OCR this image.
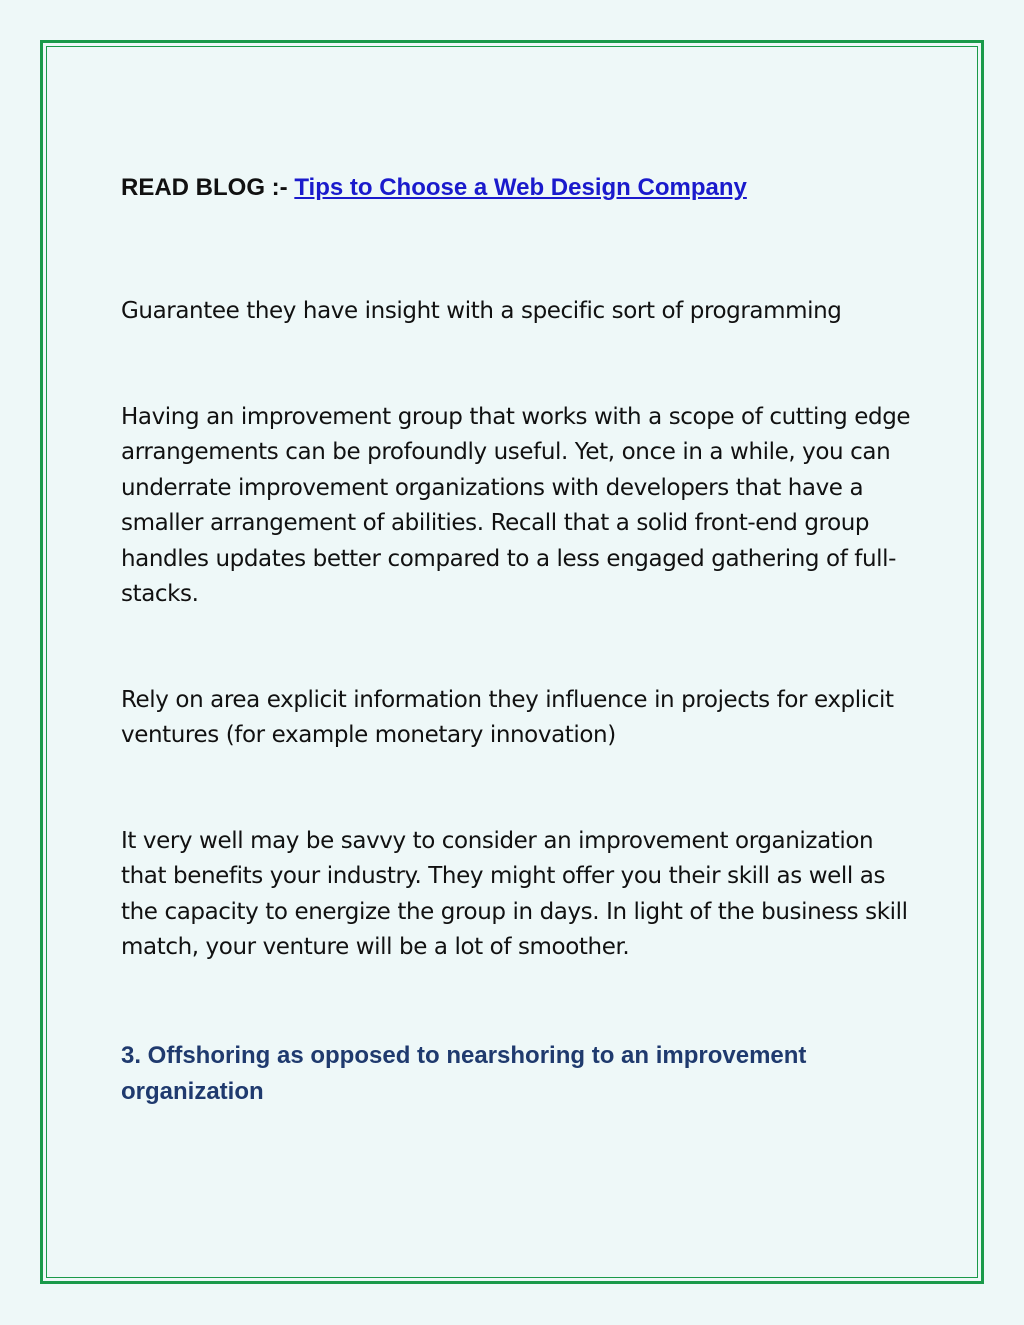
READ BLOG :- Tips to Choose a Web Design Company

Guarantee they have insight with a specific sort of programming

Having an improvement group that works with a scope of cutting edge arrangements can be profoundly useful. Yet, once in a while, you can underrate improvement organizations with developers that have a smaller arrangement of abilities. Recall that a solid front-end group handles updates better compared to a less engaged gathering of full-stacks.

Rely on area explicit information they influence in projects for explicit ventures (for example monetary innovation)

It very well may be savvy to consider an improvement organization that benefits your industry. They might offer you their skill as well as the capacity to energize the group in days. In light of the business skill match, your venture will be a lot of smoother.

3. Offshoring as opposed to nearshoring to an improvement organization
